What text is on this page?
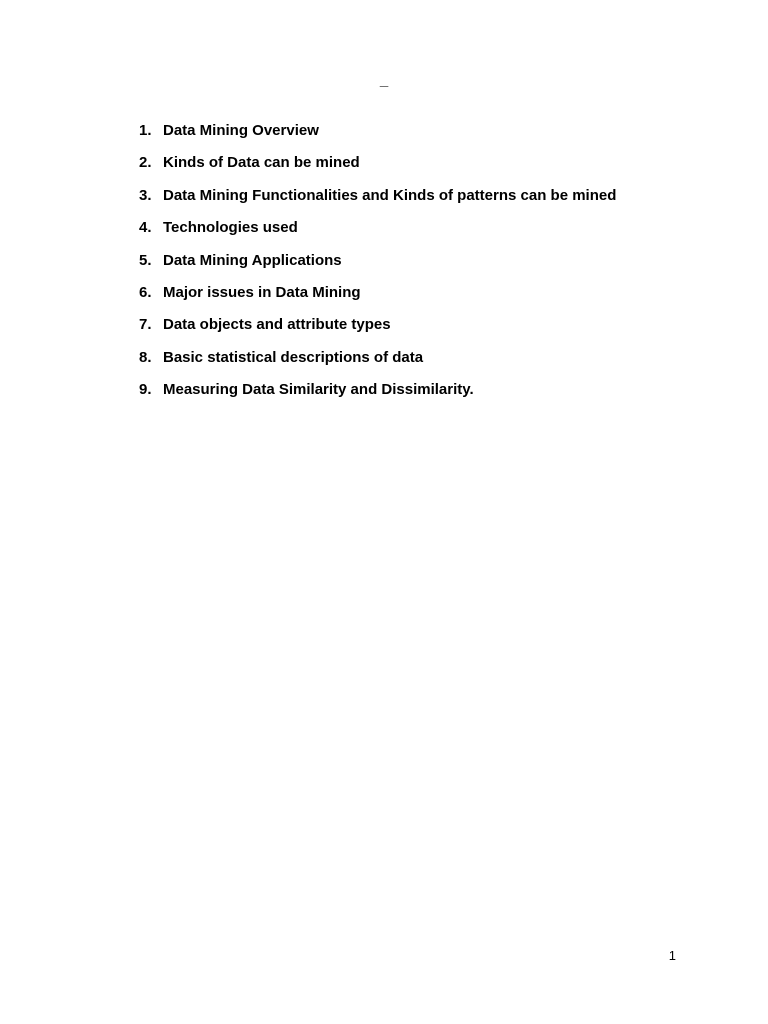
_
1. Data Mining Overview
2. Kinds of Data can be mined
3. Data Mining Functionalities and Kinds of patterns can be mined
4. Technologies used
5. Data Mining Applications
6. Major issues in Data Mining
7. Data objects and attribute types
8. Basic statistical descriptions of data
9. Measuring Data Similarity and Dissimilarity.
1
